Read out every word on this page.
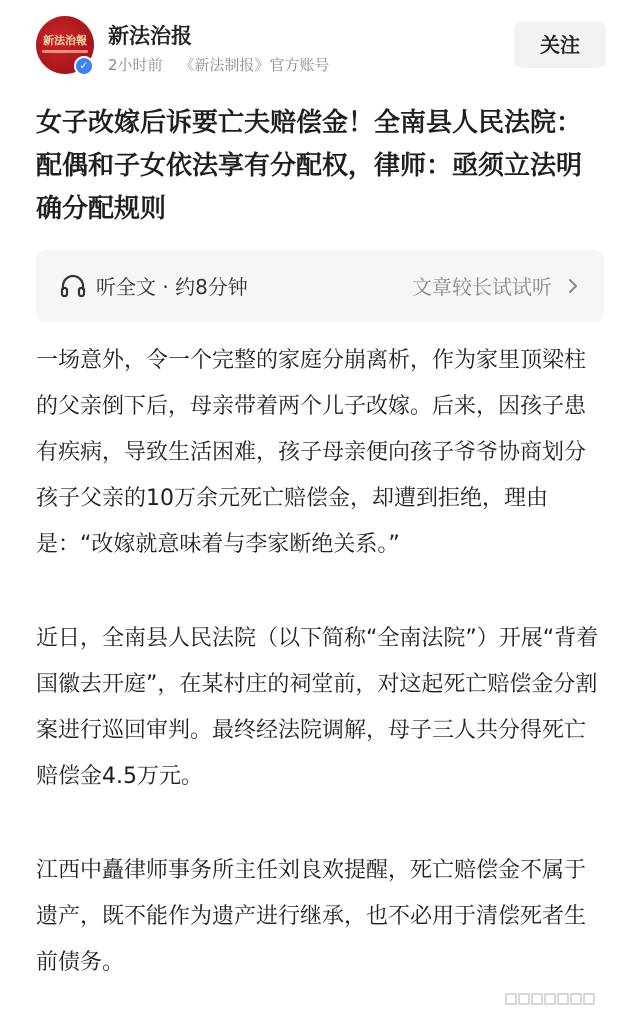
新法治報
✓
新法治报
2小时前 《新法制报》官方账号
关注
女子改嫁后诉要亡夫赔偿金！全南县人民法院：配偶和子女依法享有分配权，律师：亟须立法明确分配规则
听全文 · 约8分钟	文章较长试试听

一场意外，令一个完整的家庭分崩离析，作为家里顶梁柱的父亲倒下后，母亲带着两个儿子改嫁。后来，因孩子患有疾病，导致生活困难，孩子母亲便向孩子爷爷协商划分孩子父亲的10万余元死亡赔偿金，却遭到拒绝，理由是：“改嫁就意味着与李家断绝关系。”

近日，全南县人民法院（以下简称“全南法院”）开展“背着国徽去开庭”，在某村庄的祠堂前，对这起死亡赔偿金分割案进行巡回审判。最终经法院调解，母子三人共分得死亡赔偿金4.5万元。

江西中矗律师事务所主任刘良欢提醒，死亡赔偿金不属于遗产，既不能作为遗产进行继承，也不必用于清偿死者生前债务。
